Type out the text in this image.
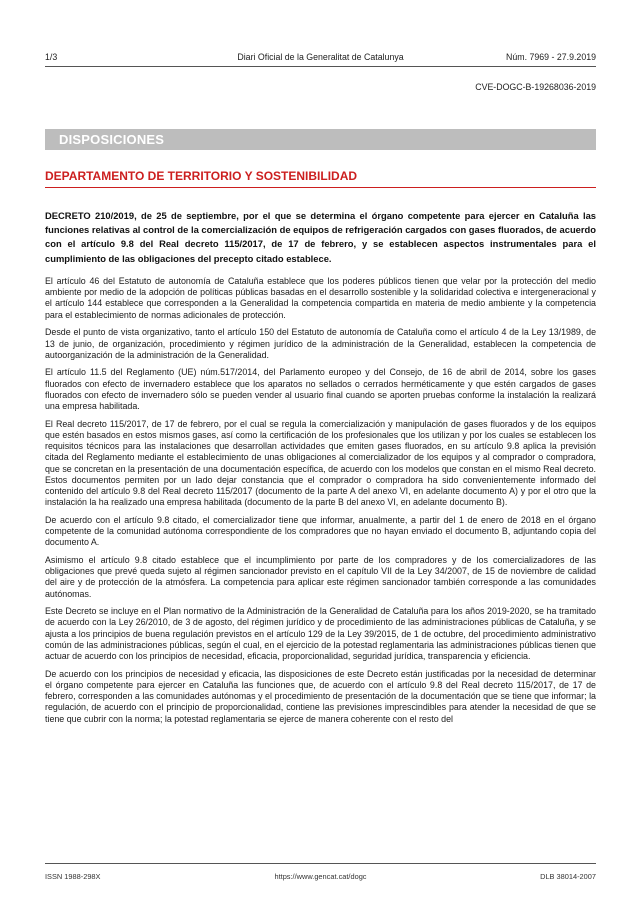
1/3	Diari Oficial de la Generalitat de Catalunya	Núm. 7969 - 27.9.2019
CVE-DOGC-B-19268036-2019
DISPOSICIONES
DEPARTAMENTO DE TERRITORIO Y SOSTENIBILIDAD

DECRETO 210/2019, de 25 de septiembre, por el que se determina el órgano competente para ejercer en Cataluña las funciones relativas al control de la comercialización de equipos de refrigeración cargados con gases fluorados, de acuerdo con el artículo 9.8 del Real decreto 115/2017, de 17 de febrero, y se establecen aspectos instrumentales para el cumplimiento de las obligaciones del precepto citado establece.

El artículo 46 del Estatuto de autonomía de Cataluña establece que los poderes públicos tienen que velar por la protección del medio ambiente por medio de la adopción de políticas públicas basadas en el desarrollo sostenible y la solidaridad colectiva e intergeneracional y el artículo 144 establece que corresponden a la Generalidad la competencia compartida en materia de medio ambiente y la competencia para el establecimiento de normas adicionales de protección.

Desde el punto de vista organizativo, tanto el artículo 150 del Estatuto de autonomía de Cataluña como el artículo 4 de la Ley 13/1989, de 13 de junio, de organización, procedimiento y régimen jurídico de la administración de la Generalidad, establecen la competencia de autoorganización de la administración de la Generalidad.

El artículo 11.5 del Reglamento (UE) núm.517/2014, del Parlamento europeo y del Consejo, de 16 de abril de 2014, sobre los gases fluorados con efecto de invernadero establece que los aparatos no sellados o cerrados herméticamente y que estén cargados de gases fluorados con efecto de invernadero sólo se pueden vender al usuario final cuando se aporten pruebas conforme la instalación la realizará una empresa habilitada.

El Real decreto 115/2017, de 17 de febrero, por el cual se regula la comercialización y manipulación de gases fluorados y de los equipos que estén basados en estos mismos gases, así como la certificación de los profesionales que los utilizan y por los cuales se establecen los requisitos técnicos para las instalaciones que desarrollan actividades que emiten gases fluorados, en su artículo 9.8 aplica la previsión citada del Reglamento mediante el establecimiento de unas obligaciones al comercializador de los equipos y al comprador o compradora, que se concretan en la presentación de una documentación específica, de acuerdo con los modelos que constan en el mismo Real decreto. Estos documentos permiten por un lado dejar constancia que el comprador o compradora ha sido convenientemente informado del contenido del artículo 9.8 del Real decreto 115/2017 (documento de la parte A del anexo VI, en adelante documento A) y por el otro que la instalación la ha realizado una empresa habilitada (documento de la parte B del anexo VI, en adelante documento B).

De acuerdo con el artículo 9.8 citado, el comercializador tiene que informar, anualmente, a partir del 1 de enero de 2018 en el órgano competente de la comunidad autónoma correspondiente de los compradores que no hayan enviado el documento B, adjuntando copia del documento A.

Asimismo el artículo 9.8 citado establece que el incumplimiento por parte de los compradores y de los comercializadores de las obligaciones que prevé queda sujeto al régimen sancionador previsto en el capítulo VII de la Ley 34/2007, de 15 de noviembre de calidad del aire y de protección de la atmósfera. La competencia para aplicar este régimen sancionador también corresponde a las comunidades autónomas.

Este Decreto se incluye en el Plan normativo de la Administración de la Generalidad de Cataluña para los años 2019-2020, se ha tramitado de acuerdo con la Ley 26/2010, de 3 de agosto, del régimen jurídico y de procedimiento de las administraciones públicas de Cataluña, y se ajusta a los principios de buena regulación previstos en el artículo 129 de la Ley 39/2015, de 1 de octubre, del procedimiento administrativo común de las administraciones públicas, según el cual, en el ejercicio de la potestad reglamentaria las administraciones públicas tienen que actuar de acuerdo con los principios de necesidad, eficacia, proporcionalidad, seguridad jurídica, transparencia y eficiencia.

De acuerdo con los principios de necesidad y eficacia, las disposiciones de este Decreto están justificadas por la necesidad de determinar el órgano competente para ejercer en Cataluña las funciones que, de acuerdo con el artículo 9.8 del Real decreto 115/2017, de 17 de febrero, corresponden a las comunidades autónomas y el procedimiento de presentación de la documentación que se tiene que informar; la regulación, de acuerdo con el principio de proporcionalidad, contiene las previsiones imprescindibles para atender la necesidad de que se tiene que cubrir con la norma; la potestad reglamentaria se ejerce de manera coherente con el resto del

ISSN 1988-298X	https://www.gencat.cat/dogc	DLB 38014-2007
